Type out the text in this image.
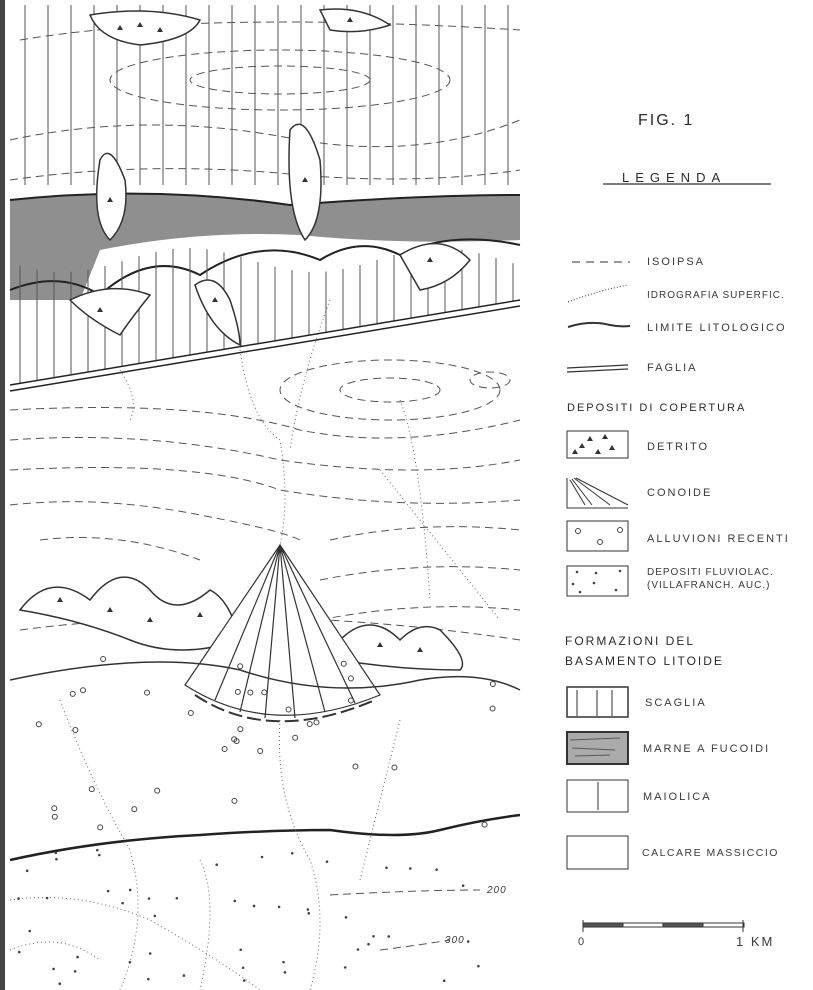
FIG. 1
LEGENDA
ISOIPSA
IDROGRAFIA SUPERFIC.
LIMITE LITOLOGICO
FAGLIA
DEPOSITI DI COPERTURA
DETRITO
CONOIDE
ALLUVIONI RECENTI
DEPOSITI FLUVIOLAC.
(VILLAFRANCH. AUC.)
FORMAZIONI DEL
BASAMENTO LITOIDE
SCAGLIA
MARNE A FUCOIDI
MAIOLICA
CALCARE MASSICCIO
0	1 KM
200
300
